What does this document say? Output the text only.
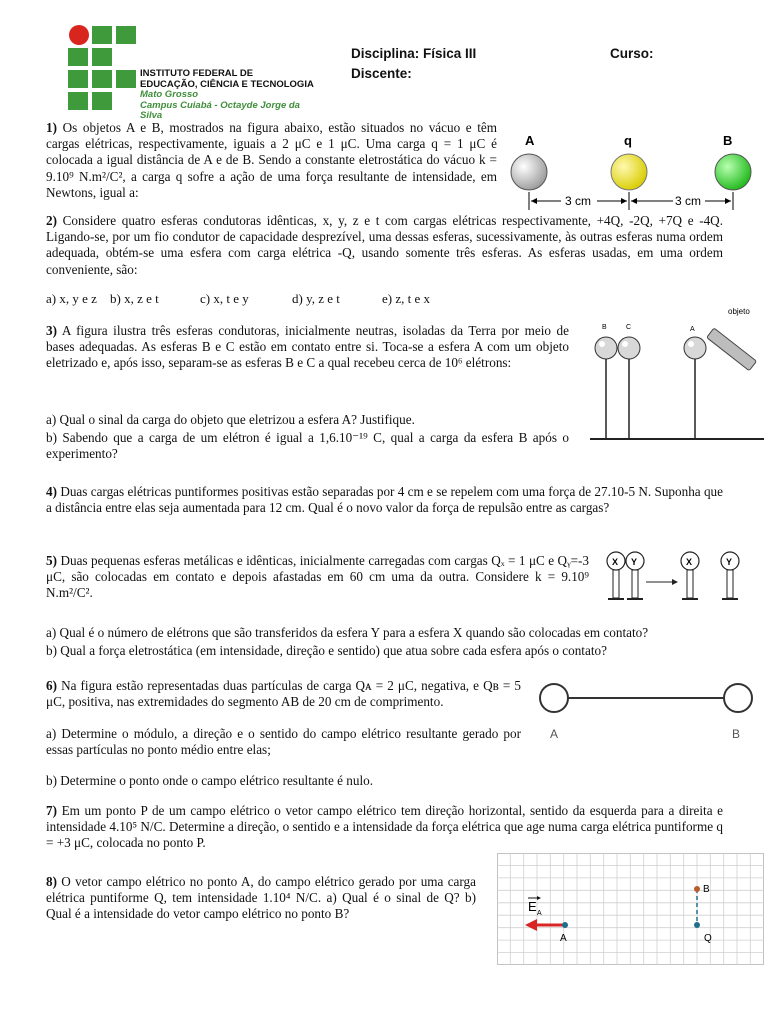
INSTITUTO FEDERAL DE
EDUCAÇÃO, CIÊNCIA E TECNOLOGIA
Mato Grosso
Campus Cuiabá - Octayde Jorge da Silva
Disciplina: Física III	Curso:
Discente:
1) Os objetos A e B, mostrados na figura abaixo, estão situados no vácuo e têm cargas elétricas, respectivamente, iguais a 2 μC e 1 μC. Uma carga q = 1 μC é colocada a igual distância de A e de B. Sendo a constante eletrostática do vácuo k = 9.10⁹ N.m²/C², a carga q sofre a ação de uma força resultante de intensidade, em Newtons, igual a:
A	q	B
3 cm	3 cm
2) Considere quatro esferas condutoras idênticas, x, y, z e t com cargas elétricas respectivamente, +4Q, -2Q, +7Q e -4Q. Ligando-se, por um fio condutor de capacidade desprezível, uma dessas esferas, sucessivamente, às outras esferas numa ordem adequada, obtém-se uma esfera com carga elétrica -Q, usando somente três esferas. As esferas usadas, em uma ordem conveniente, são:
a) x, y e z b) x, z e t	c) x, t e y	d) y, z e t	e) z, t e x
3) A figura ilustra três esferas condutoras, inicialmente neutras, isoladas da Terra por meio de bases adequadas. As esferas B e C estão em contato entre si. Toca-se a esfera A com um objeto eletrizado e, após isso, separam-se as esferas B e C a qual recebeu cerca de 10⁶ elétrons:
a) Qual o sinal da carga do objeto que eletrizou a esfera A? Justifique.
b) Sabendo que a carga de um elétron é igual a 1,6.10⁻¹⁹ C, qual a carga da esfera B após o experimento?
objeto
B	C	A
4) Duas cargas elétricas puntiformes positivas estão separadas por 4 cm e se repelem com uma força de 27.10-5 N. Suponha que a distância entre elas seja aumentada para 12 cm. Qual é o novo valor da força de repulsão entre as cargas?
5) Duas pequenas esferas metálicas e idênticas, inicialmente carregadas com cargas Qₓ = 1 μC e Qᵧ=-3 μC, são colocadas em contato e depois afastadas em 60 cm uma da outra. Considere k = 9.10⁹ N.m²/C².
a) Qual é o número de elétrons que são transferidos da esfera Y para a esfera X quando são colocadas em contato?
b) Qual a força eletrostática (em intensidade, direção e sentido) que atua sobre cada esfera após o contato?
X Y	X	Y
6) Na figura estão representadas duas partículas de carga Qᴀ = 2 μC, negativa, e Qʙ = 5 μC, positiva, nas extremidades do segmento AB de 20 cm de comprimento.
a) Determine o módulo, a direção e o sentido do campo elétrico resultante gerado por essas partículas no ponto médio entre elas;
b) Determine o ponto onde o campo elétrico resultante é nulo.
A	B
7) Em um ponto P de um campo elétrico o vetor campo elétrico tem direção horizontal, sentido da esquerda para a direita e intensidade 4.10⁵ N/C. Determine a direção, o sentido e a intensidade da força elétrica que age numa carga elétrica puntiforme q = +3 μC, colocada no ponto P.
8) O vetor campo elétrico no ponto A, do campo elétrico gerado por uma carga elétrica puntiforme Q, tem intensidade 1.10⁴ N/C. a) Qual é o sinal de Q? b) Qual é a intensidade do vetor campo elétrico no ponto B?	E A
A
B
Q
